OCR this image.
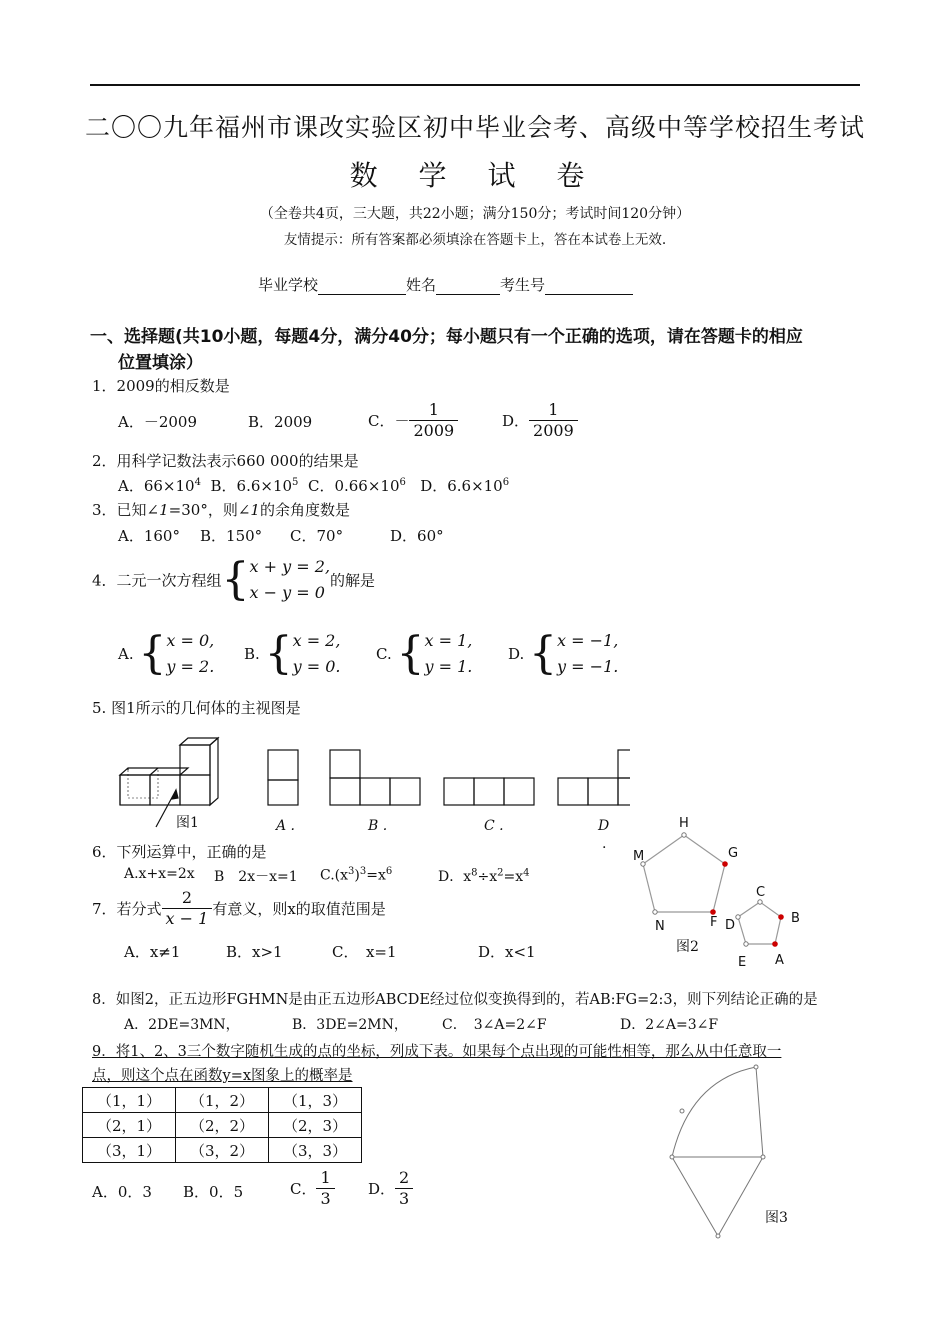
二〇〇九年福州市课改实验区初中毕业会考、高级中等学校招生考试
数 学 试 卷
（全卷共4页，三大题，共22小题；满分150分；考试时间120分钟）
友情提示：所有答案都必须填涂在答题卡上，答在本试卷上无效.
毕业学校	姓名	考生号
一、选择题(共10小题，每题4分，满分40分；每小题只有一个正确的选项，请在答题卡的相应
位置填涂）
1．2009的相反数是
A．－2009	B．2009	C．－ $\frac{1}{2009}$	D． $\frac{1}{2009}$
2．用科学记数法表示660 000的结果是
A．$66\times 10^4$ B．$6.6\times 10^5$ C．$0.66\times 10^6$ D．$6.6\times 10^6$
3．已知∠1=30°，则∠1的余角度数是
A．160° B．150° C．70°	D．60°
4．二元一次方程组{ x + y = 2,
x − y = 0
的解是
A. { x = 0,
y = 2.
B. { x = 2,
y = 0.
C. { x = 1,
y = 1.
D. { x = −1,
y = −1.
5. 图1所示的几何体的主视图是
图1	A .	B .	C .	D
.
6．下列运算中，正确的是
A.x+x=2x B　2x－x=1 $C.(x^3)^3=x^6$	D．$x^8\div x^2=x^4$
7．若分式 $\frac{2}{x - 1}$ 有意义，则x的取值范围是
A．x≠1	B．x>1	C．　x=1	D．x<1
H
G
M
N	F
C
B
D
E A
图2
8．如图2，正五边形FGHMN是由正五边形ABCDE经过位似变换得到的，若AB:FG=2:3，则下列结论正确的是
A．2DE=3MN，	B．3DE=2MN， C．　3∠A=2∠F	D．2∠A=3∠F
9．将1、2、3三个数字随机生成的点的坐标，列成下表。如果每个点出现的可能性相等，那么从中任意取一
点，则这个点在函数y=x图象上的概率是
（1，1）	（1，2）	（1，3）
（2，1）	（2，2）	（2，3）
（3，1）	（3，2）	（3，3）
A．0．3 B．0．5	C． $\frac{1}{3}$ D． $\frac{2}{3}$
图3
